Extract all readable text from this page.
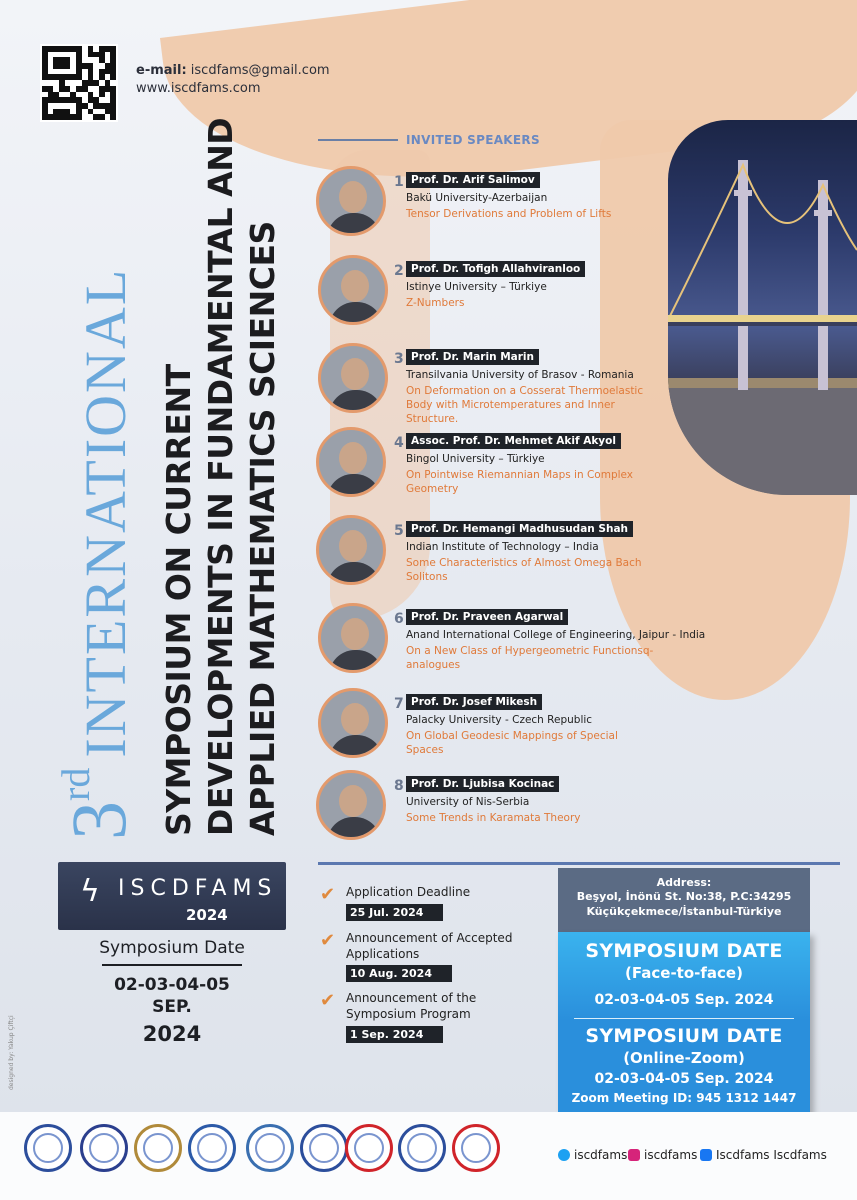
e-mail: iscdfams@gmail.com
www.iscdfams.com
3
rd
INTERNATIONAL SYMPOSIUM ON CURRENT DEVELOPMENTS IN FUNDAMENTAL AND APPLIED MATHEMATICS SCIENCES
INVITED SPEAKERS
1 Prof. Dr. Arif Salimov
Bakü University-Azerbaijan
Tensor Derivations and Problem of Lifts
2 Prof. Dr. Tofigh Allahviranloo
Istinye University – Türkiye
Z-Numbers
3 Prof. Dr. Marin Marin
Transilvania University of Brasov - Romania
On Deformation on a Cosserat Thermoelastic Body with Microtemperatures and Inner Structure.
4 Assoc. Prof. Dr. Mehmet Akif Akyol
Bingol University – Türkiye
On Pointwise Riemannian Maps in Complex Geometry
5 Prof. Dr. Hemangi Madhusudan Shah
Indian Institute of Technology – India
Some Characteristics of Almost Omega Bach Solitons
6 Prof. Dr. Praveen Agarwal
Anand International College of Engineering, Jaipur - India
On a New Class of Hypergeometric Functionsq-analogues
7 Prof. Dr. Josef Mikesh
Palacky University - Czech Republic
On Global Geodesic Mappings of Special Spaces
8 Prof. Dr. Ljubisa Kocinac
University of Nis-Serbia
Some Trends in Karamata Theory
ϟ ISCDFAMS
2024
Symposium Date
02-03-04-05
SEP.
2024
✔ Application Deadline
25 Jul. 2024
✔ Announcement of Accepted Applications
10 Aug. 2024
✔ Announcement of the Symposium Program
1 Sep. 2024
Address:
Beşyol, İnönü St. No:38, P.C:34295
Küçükçekmece/İstanbul-Türkiye
SYMPOSIUM DATE
(Face-to-face)
02-03-04-05 Sep. 2024
SYMPOSIUM DATE
(Online-Zoom)
02-03-04-05 Sep. 2024
Zoom Meeting ID: 945 1312 1447
designed by: Yakup Çiftçi
iscdfams iscdfams Iscdfams Iscdfams
